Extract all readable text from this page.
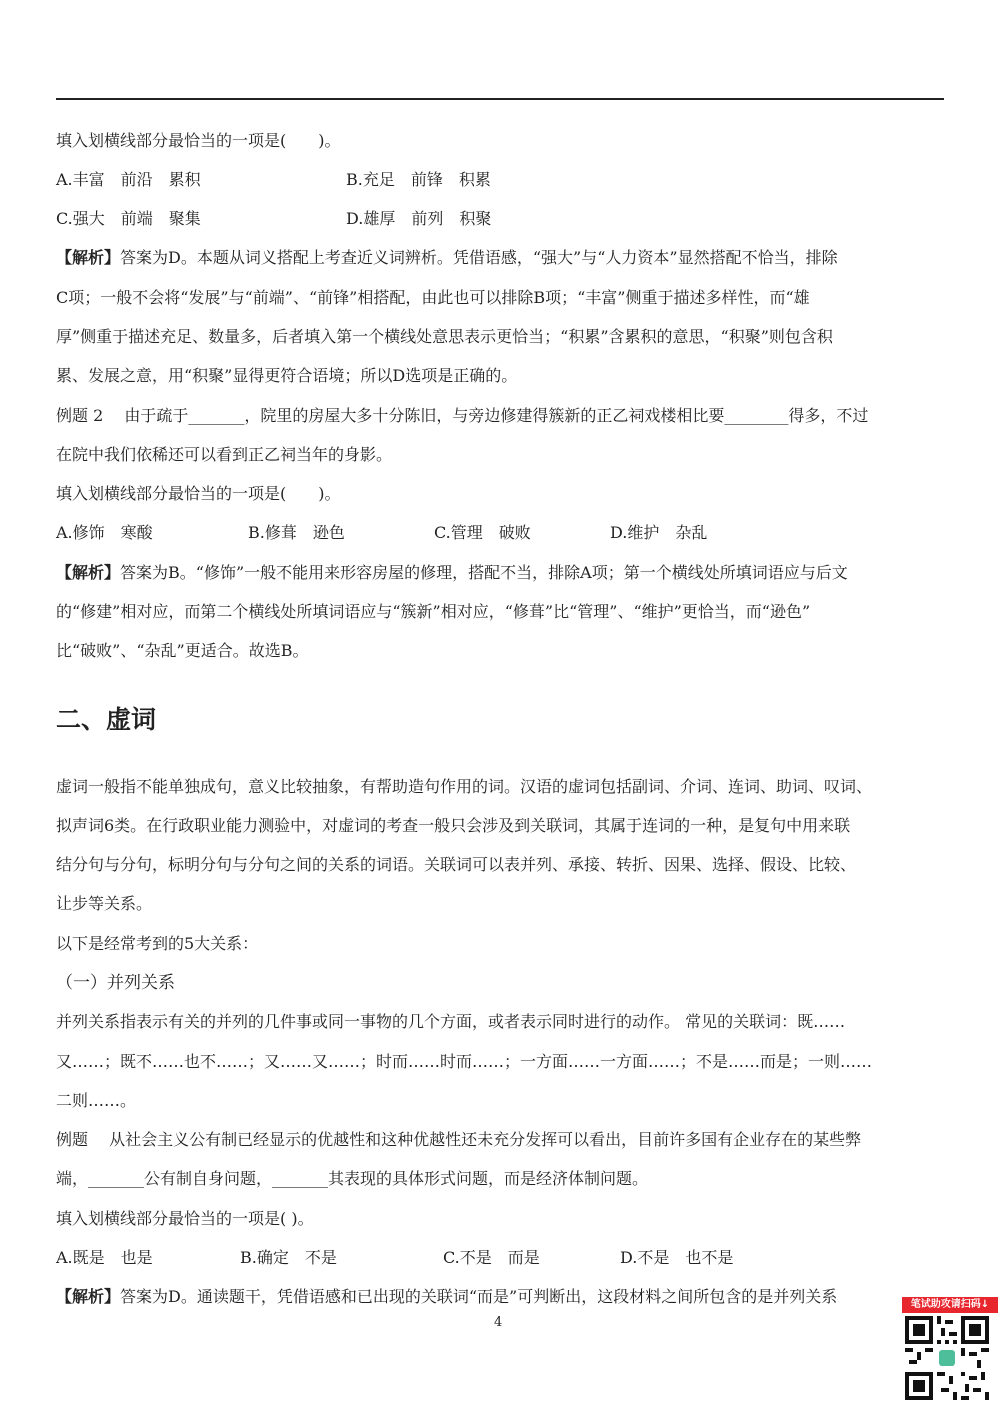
填入划横线部分最恰当的一项是(　　)。
A.丰富　前沿　累积	B.充足　前锋　积累
C.强大　前端　聚集	D.雄厚　前列　积聚
【解析】答案为D。本题从词义搭配上考查近义词辨析。凭借语感，“强大”与“人力资本”显然搭配不恰当，排除
C项；一般不会将“发展”与“前端”、“前锋”相搭配，由此也可以排除B项；“丰富”侧重于描述多样性，而“雄
厚”侧重于描述充足、数量多，后者填入第一个横线处意思表示更恰当；“积累”含累积的意思，“积聚”则包含积
累、发展之意，用“积聚”显得更符合语境；所以D选项是正确的。
例题 2　 由于疏于_______，院里的房屋大多十分陈旧，与旁边修建得簇新的正乙祠戏楼相比要________得多，不过
在院中我们依稀还可以看到正乙祠当年的身影。
填入划横线部分最恰当的一项是(　　)。
A.修饰　寒酸	B.修葺　逊色	C.管理　破败	D.维护　杂乱
【解析】答案为B。“修饰”一般不能用来形容房屋的修理，搭配不当，排除A项；第一个横线处所填词语应与后文
的“修建”相对应，而第二个横线处所填词语应与“簇新”相对应，“修葺”比“管理”、“维护”更恰当，而“逊色”
比“破败”、“杂乱”更适合。故选B。
二、虚词
虚词一般指不能单独成句，意义比较抽象，有帮助造句作用的词。汉语的虚词包括副词、介词、连词、助词、叹词、
拟声词6类。在行政职业能力测验中，对虚词的考查一般只会涉及到关联词，其属于连词的一种，是复句中用来联
结分句与分句，标明分句与分句之间的关系的词语。关联词可以表并列、承接、转折、因果、选择、假设、比较、
让步等关系。
以下是经常考到的5大关系：
（一）并列关系
并列关系指表示有关的并列的几件事或同一事物的几个方面，或者表示同时进行的动作。 常见的关联词：既……
又……；既不……也不……；又……又……；时而……时而……；一方面……一方面……；不是……而是；一则……
二则……。
例题　 从社会主义公有制已经显示的优越性和这种优越性还未充分发挥可以看出，目前许多国有企业存在的某些弊
端，_______公有制自身问题，_______其表现的具体形式问题，而是经济体制问题。
填入划横线部分最恰当的一项是( )。
A.既是　也是	B.确定　不是	C.不是　而是	D.不是　也不是
【解析】答案为D。通读题干，凭借语感和已出现的关联词“而是”可判断出，这段材料之间所包含的是并列关系
4
笔试助攻请扫码↓
